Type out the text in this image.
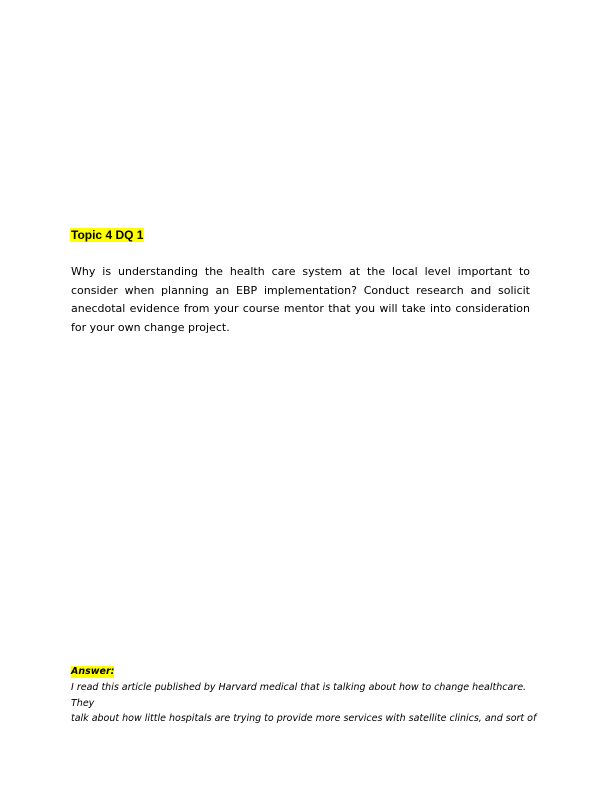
Topic 4 DQ 1

Why is understanding the health care system at the local level important to consider when planning an EBP implementation? Conduct research and solicit anecdotal evidence from your course mentor that you will take into consideration for your own change project.

Answer:

I read this article published by Harvard medical that is talking about how to change healthcare. They
talk about how little hospitals are trying to provide more services with satellite clinics, and sort of
